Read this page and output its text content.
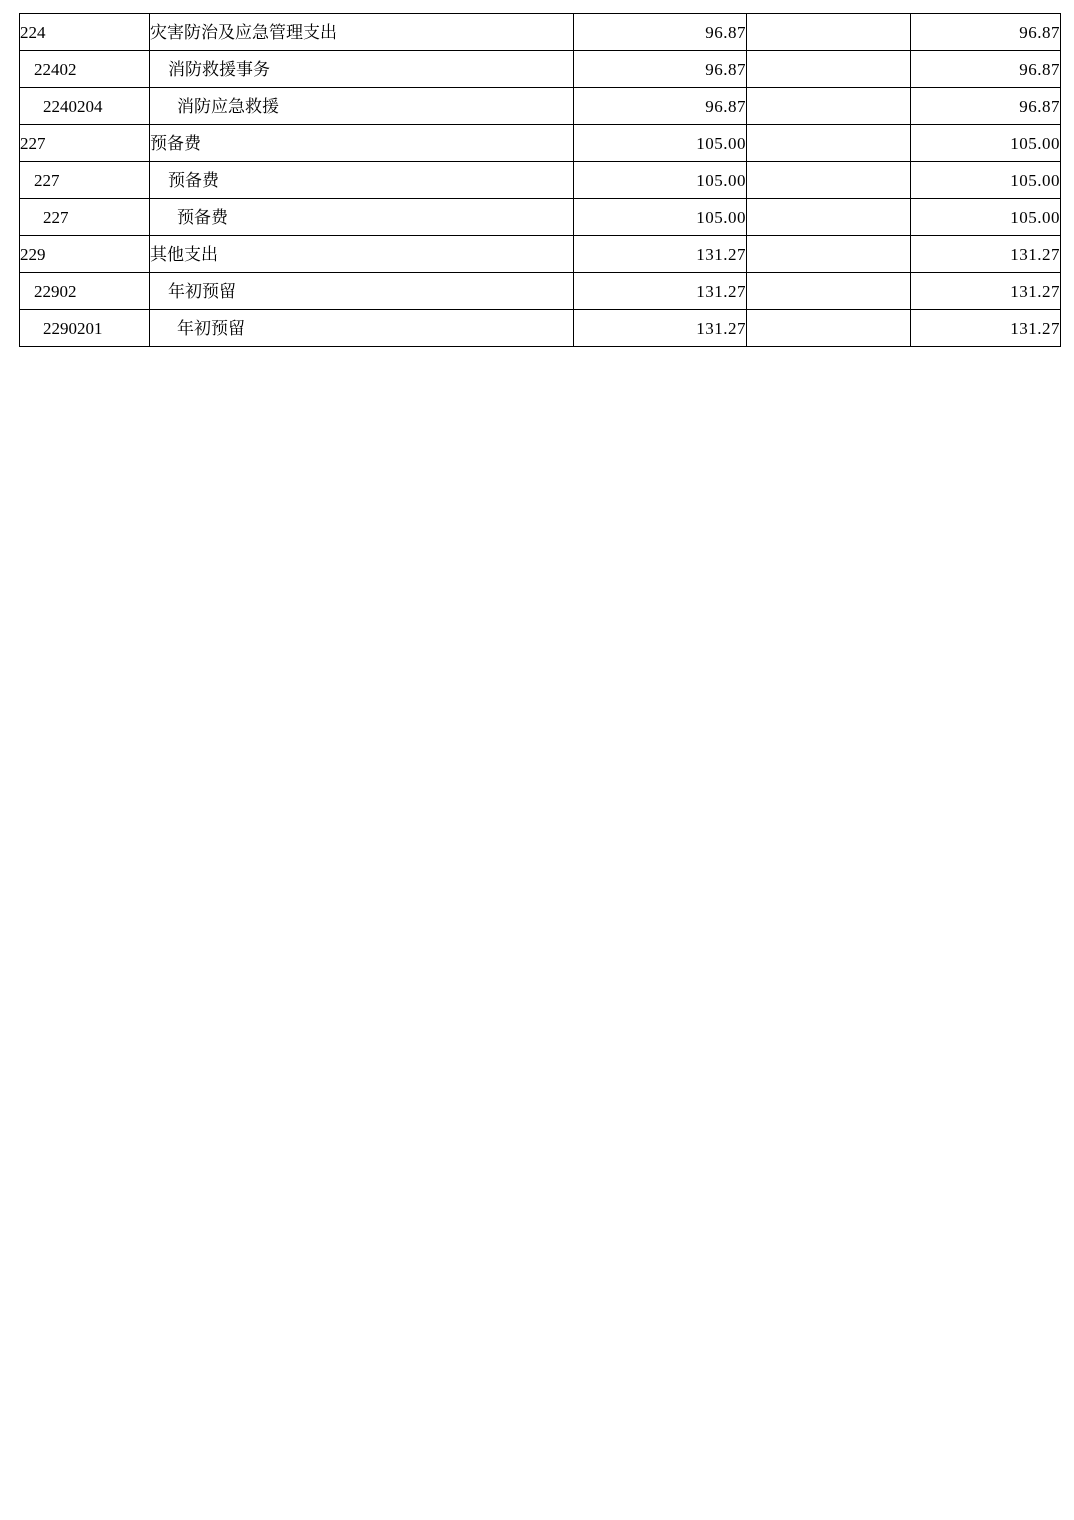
224	灾害防治及应急管理支出	96.87		96.87
22402	消防救援事务	96.87		96.87
2240204	消防应急救援	96.87		96.87
227	预备费	105.00		105.00
227	预备费	105.00		105.00
227	预备费	105.00		105.00
229	其他支出	131.27		131.27
22902	年初预留	131.27		131.27
2290201	年初预留	131.27		131.27
